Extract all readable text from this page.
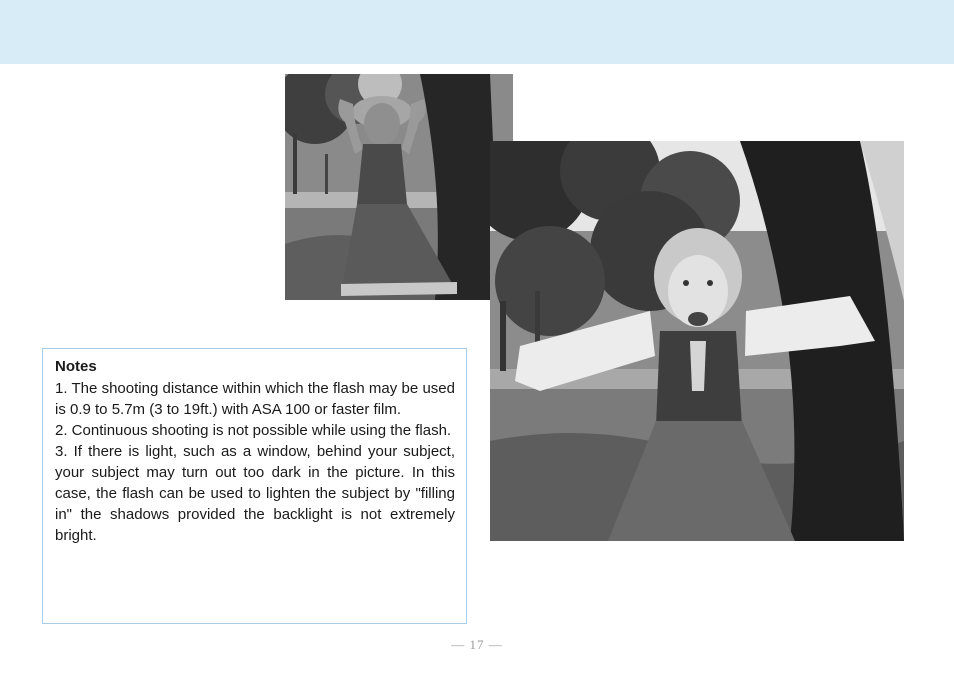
Notes

1. The shooting distance within which the flash may be used is 0.9 to 5.7m (3 to 19ft.) with ASA 100 or faster film.

2. Continuous shooting is not possible while using the flash.

3. If there is light, such as a window, behind your subject, your subject may turn out too dark in the picture. In this case, the flash can be used to lighten the subject by "filling in" the shadows provided the backlight is not extremely bright.

— 17 —
